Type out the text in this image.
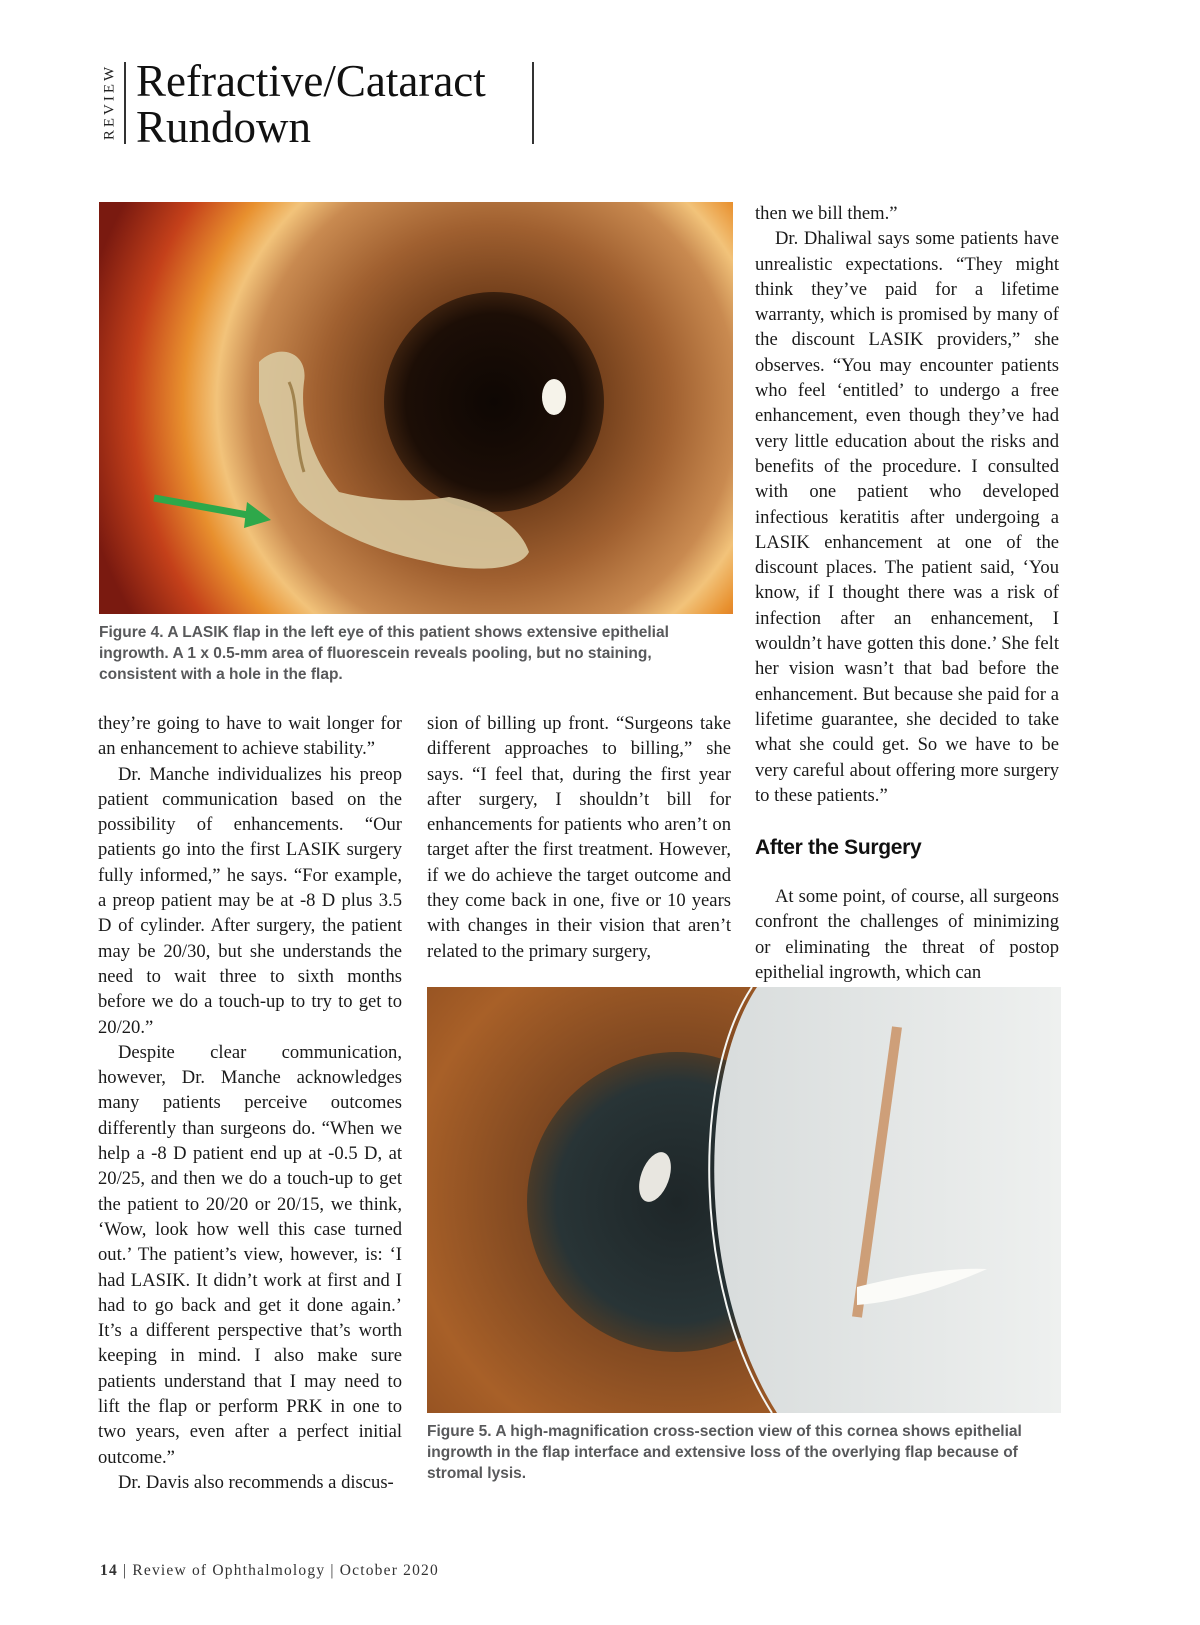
REVIEW Refractive/Cataract
Rundown
Figure 4. A LASIK flap in the left eye of this patient shows extensive epithelial ingrowth. A 1 x 0.5-mm area of fluorescein reveals pooling, but no staining, consistent with a hole in the flap.

they’re going to have to wait longer for an enhancement to achieve stability.”

Dr. Manche individualizes his preop patient communication based on the possibility of enhancements. “Our patients go into the first LASIK surgery fully informed,” he says. “For example, a preop patient may be at -8 D plus 3.5 D of cylinder. After surgery, the patient may be 20/30, but she understands the need to wait three to sixth months before we do a touch-up to try to get to 20/20.”

Despite clear communication, however, Dr. Manche acknowledges many patients perceive outcomes differently than surgeons do. “When we help a -8 D patient end up at -0.5 D, at 20/25, and then we do a touch-up to get the patient to 20/20 or 20/15, we think, ‘Wow, look how well this case turned out.’ The patient’s view, however, is: ‘I had LASIK. It didn’t work at first and I had to go back and get it done again.’ It’s a different perspective that’s worth keeping in mind. I also make sure patients understand that I may need to lift the flap or perform PRK in one to two years, even after a perfect initial outcome.”

Dr. Davis also recommends a discus-

sion of billing up front. “Surgeons take different approaches to billing,” she says. “I feel that, during the first year after surgery, I shouldn’t bill for enhancements for patients who aren’t on target after the first treatment. However, if we do achieve the target outcome and they come back in one, five or 10 years with changes in their vision that aren’t related to the primary surgery,

then we bill them.”

Dr. Dhaliwal says some patients have unrealistic expectations. “They might think they’ve paid for a lifetime warranty, which is promised by many of the discount LASIK providers,” she observes. “You may encounter patients who feel ‘entitled’ to undergo a free enhancement, even though they’ve had very little education about the risks and benefits of the procedure. I consulted with one patient who developed infectious keratitis after undergoing a LASIK enhancement at one of the discount places. The patient said, ‘You know, if I thought there was a risk of infection after an enhancement, I wouldn’t have gotten this done.’ She felt her vision wasn’t that bad before the enhancement. But because she paid for a lifetime guarantee, she decided to take what she could get. So we have to be very careful about offering more surgery to these patients.”

After the Surgery

At some point, of course, all surgeons confront the challenges of minimizing or eliminating the threat of postop epithelial ingrowth, which can

Figure 5. A high-magnification cross-section view of this cornea shows epithelial ingrowth in the flap interface and extensive loss of the overlying flap because of stromal lysis.
14 | Review of Ophthalmology | October 2020
